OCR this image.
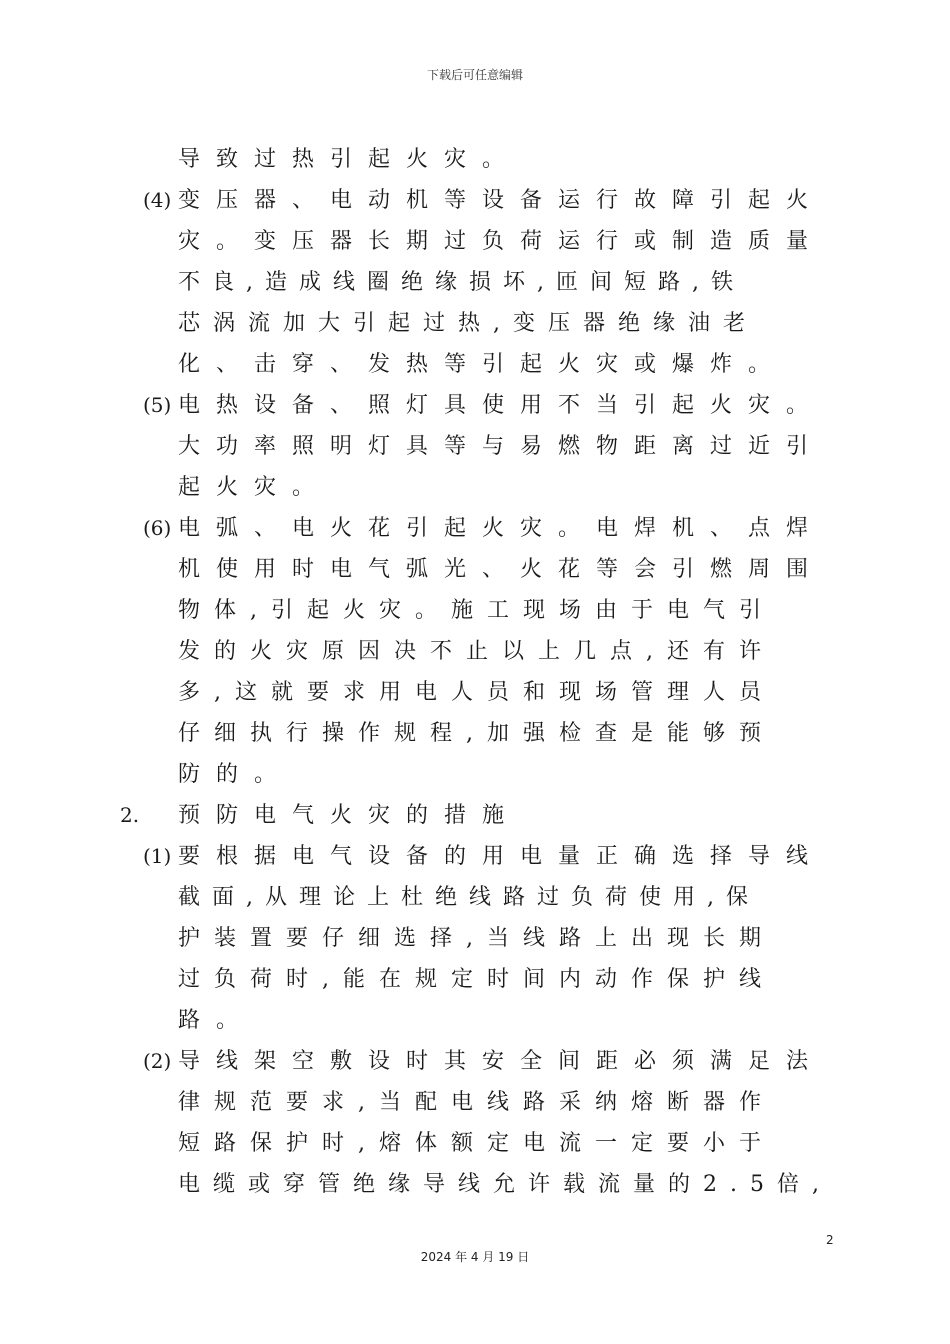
下载后可任意编辑
导致过热引起火灾。
(4) 变压器、电动机等设备运行故障引起火
灾。变压器长期过负荷运行或制造质量
不良,造成线圈绝缘损坏,匝间短路,铁
芯涡流加大引起过热,变压器绝缘油老
化、击穿、发热等引起火灾或爆炸。
(5) 电热设备、照灯具使用不当引起火灾。
大功率照明灯具等与易燃物距离过近引
起火灾。
(6) 电弧、电火花引起火灾。电焊机、点焊
机使用时电气弧光、火花等会引燃周围
物体,引起火灾。施工现场由于电气引
发的火灾原因决不止以上几点,还有许
多,这就要求用电人员和现场管理人员
仔细执行操作规程,加强检查是能够预
防的。
2. 预防电气火灾的措施
(1) 要根据电气设备的用电量正确选择导线
截面,从理论上杜绝线路过负荷使用,保
护装置要仔细选择,当线路上出现长期
过负荷时,能在规定时间内动作保护线
路。
(2) 导线架空敷设时其安全间距必须满足法
律规范要求,当配电线路采纳熔断器作
短路保护时,熔体额定电流一定要小于
电缆或穿管绝缘导线允许载流量的2.5倍,
2
2024 年 4 月 19 日
